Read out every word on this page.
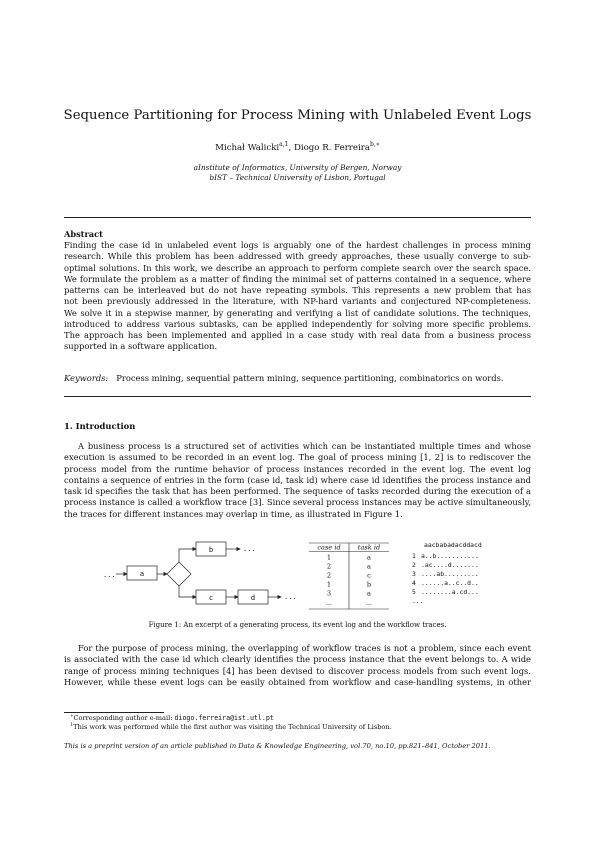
Sequence Partitioning for Process Mining with Unlabeled Event Logs
Michał Walicki$^{a,1}$, Diogo R. Ferreira$^{b,∗}$
aInstitute of Informatics, University of Bergen, Norway
bIST – Technical University of Lisbon, Portugal
Abstract
Finding the case id in unlabeled event logs is arguably one of the hardest challenges in process mining
research. While this problem has been addressed with greedy approaches, these usually converge to sub-
optimal solutions. In this work, we describe an approach to perform complete search over the search space.
We formulate the problem as a matter of finding the minimal set of patterns contained in a sequence, where
patterns can be interleaved but do not have repeating symbols. This represents a new problem that has
not been previously addressed in the literature, with NP-hard variants and conjectured NP-completeness.
We solve it in a stepwise manner, by generating and verifying a list of candidate solutions. The techniques,
introduced to address various subtasks, can be applied independently for solving more specific problems.
The approach has been implemented and applied in a case study with real data from a business process
supported in a software application.
Keywords: Process mining, sequential pattern mining, sequence partitioning, combinatorics on words.
1. Introduction
A business process is a structured set of activities which can be instantiated multiple times and whose
execution is assumed to be recorded in an event log. The goal of process mining [1, 2] is to rediscover the
process model from the runtime behavior of process instances recorded in the event log. The event log
contains a sequence of entries in the form (case id, task id) where case id identifies the process instance and
task id specifies the task that has been performed. The sequence of tasks recorded during the execution of a
process instance is called a workflow trace [3]. Since several process instances may be active simultaneously,
the traces for different instances may overlap in time, as illustrated in Figure 1.
...	a
b	...
c	d	...
case id	task id
1	a
2	a
2	c
1	b
3	a
...	...
aacbabadacddacd
1 a..b...........
2 .ac....d.......
3 ....ab.........
4 ......a..c..d..
5 ........a.cd...
...
Figure 1: An excerpt of a generating process, its event log and the workflow traces.
For the purpose of process mining, the overlapping of workflow traces is not a problem, since each event
is associated with the case id which clearly identifies the process instance that the event belongs to. A wide
range of process mining techniques [4] has been devised to discover process models from such event logs.
However, while these event logs can be easily obtained from workflow and case-handling systems, in other
∗Corresponding author e-mail: diogo.ferreira@ist.utl.pt
$^1$This work was performed while the first author was visiting the Technical University of Lisbon.
This is a preprint version of an article published in Data & Knowledge Engineering, vol.70, no.10, pp.821–841, October 2011.
